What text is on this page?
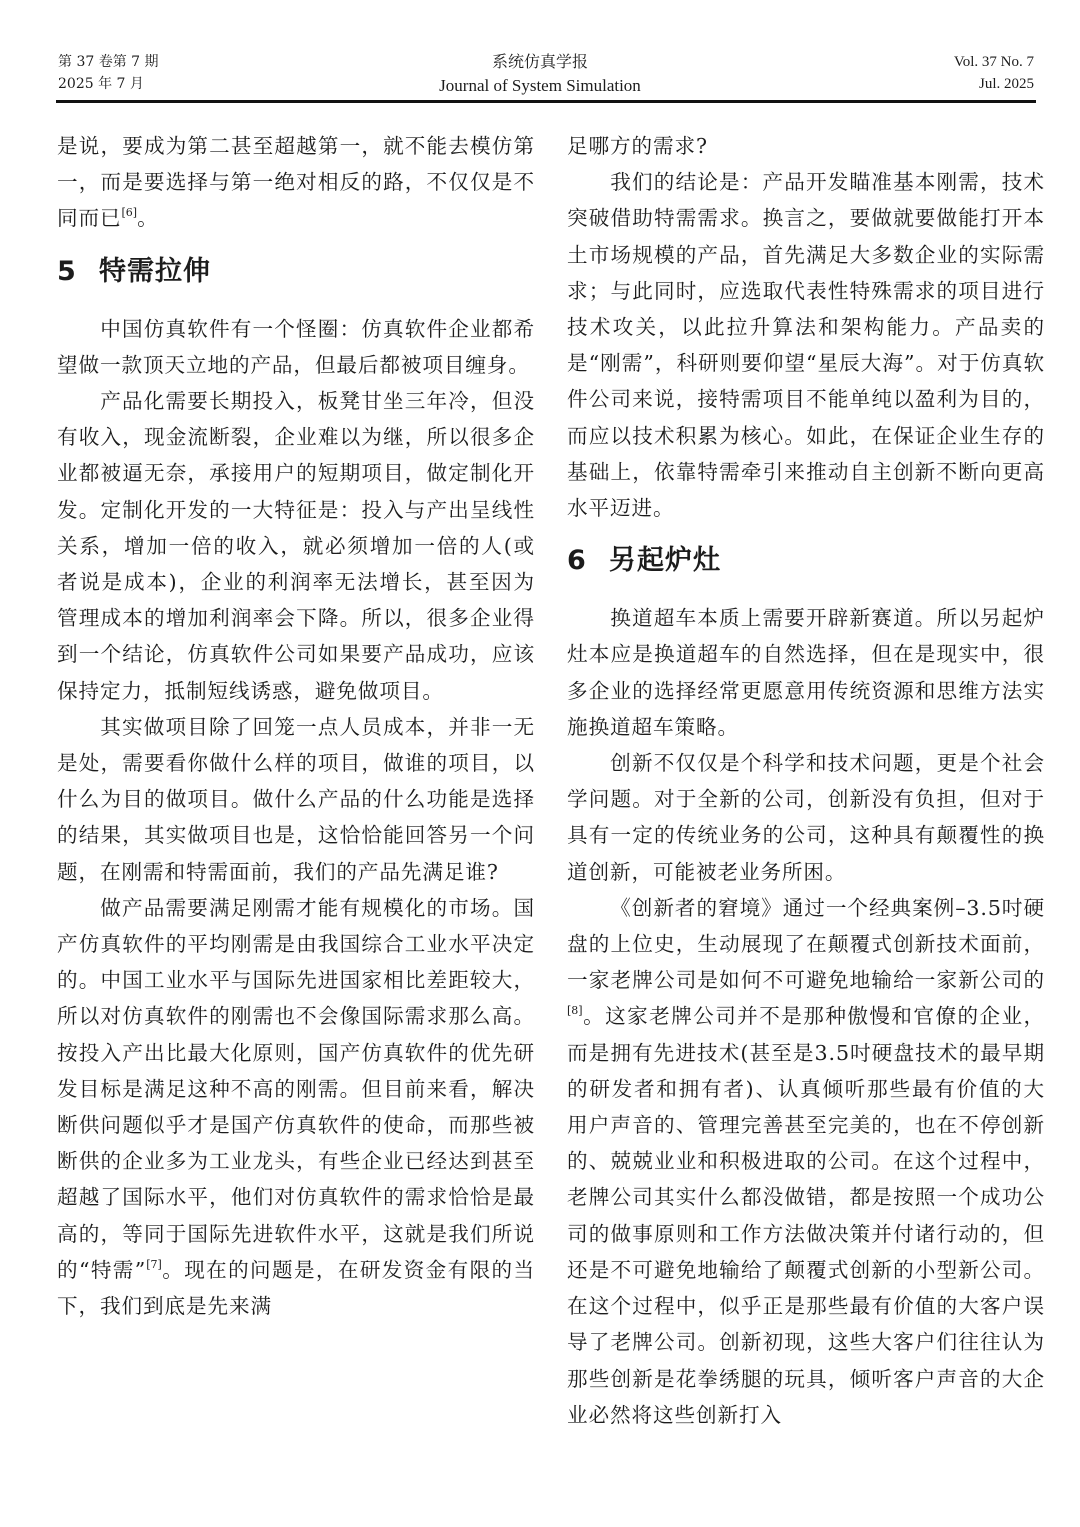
第 37 卷第 7 期
2025 年 7 月
系统仿真学报
Journal of System Simulation
Vol. 37 No. 7
Jul. 2025

是说，要成为第二甚至超越第一，就不能去模仿第一，而是要选择与第一绝对相反的路，不仅仅是不同而已[6]。

5 特需拉伸

中国仿真软件有一个怪圈：仿真软件企业都希望做一款顶天立地的产品，但最后都被项目缠身。

产品化需要长期投入，板凳甘坐三年冷，但没有收入，现金流断裂，企业难以为继，所以很多企业都被逼无奈，承接用户的短期项目，做定制化开发。定制化开发的一大特征是：投入与产出呈线性关系，增加一倍的收入，就必须增加一倍的人(或者说是成本)，企业的利润率无法增长，甚至因为管理成本的增加利润率会下降。所以，很多企业得到一个结论，仿真软件公司如果要产品成功，应该保持定力，抵制短线诱惑，避免做项目。

其实做项目除了回笼一点人员成本，并非一无是处，需要看你做什么样的项目，做谁的项目，以什么为目的做项目。做什么产品的什么功能是选择的结果，其实做项目也是，这恰恰能回答另一个问题，在刚需和特需面前，我们的产品先满足谁?

做产品需要满足刚需才能有规模化的市场。国产仿真软件的平均刚需是由我国综合工业水平决定的。中国工业水平与国际先进国家相比差距较大，所以对仿真软件的刚需也不会像国际需求那么高。按投入产出比最大化原则，国产仿真软件的优先研发目标是满足这种不高的刚需。但目前来看，解决断供问题似乎才是国产仿真软件的使命，而那些被断供的企业多为工业龙头，有些企业已经达到甚至超越了国际水平，他们对仿真软件的需求恰恰是最高的，等同于国际先进软件水平，这就是我们所说的“特需”[7]。现在的问题是，在研发资金有限的当下，我们到底是先来满

足哪方的需求?

我们的结论是：产品开发瞄准基本刚需，技术突破借助特需需求。换言之，要做就要做能打开本土市场规模的产品，首先满足大多数企业的实际需求；与此同时，应选取代表性特殊需求的项目进行技术攻关，以此拉升算法和架构能力。产品卖的是“刚需”，科研则要仰望“星辰大海”。对于仿真软件公司来说，接特需项目不能单纯以盈利为目的，而应以技术积累为核心。如此，在保证企业生存的基础上，依靠特需牵引来推动自主创新不断向更高水平迈进。

6 另起炉灶

换道超车本质上需要开辟新赛道。所以另起炉灶本应是换道超车的自然选择，但在是现实中，很多企业的选择经常更愿意用传统资源和思维方法实施换道超车策略。

创新不仅仅是个科学和技术问题，更是个社会学问题。对于全新的公司，创新没有负担，但对于具有一定的传统业务的公司，这种具有颠覆性的换道创新，可能被老业务所困。

《创新者的窘境》通过一个经典案例–3.5吋硬盘的上位史，生动展现了在颠覆式创新技术面前，一家老牌公司是如何不可避免地输给一家新公司的[8]。这家老牌公司并不是那种傲慢和官僚的企业，而是拥有先进技术(甚至是3.5吋硬盘技术的最早期的研发者和拥有者)、认真倾听那些最有价值的大用户声音的、管理完善甚至完美的，也在不停创新的、兢兢业业和积极进取的公司。在这个过程中，老牌公司其实什么都没做错，都是按照一个成功公司的做事原则和工作方法做决策并付诸行动的，但还是不可避免地输给了颠覆式创新的小型新公司。在这个过程中，似乎正是那些最有价值的大客户误导了老牌公司。创新初现，这些大客户们往往认为那些创新是花拳绣腿的玩具，倾听客户声音的大企业必然将这些创新打入
